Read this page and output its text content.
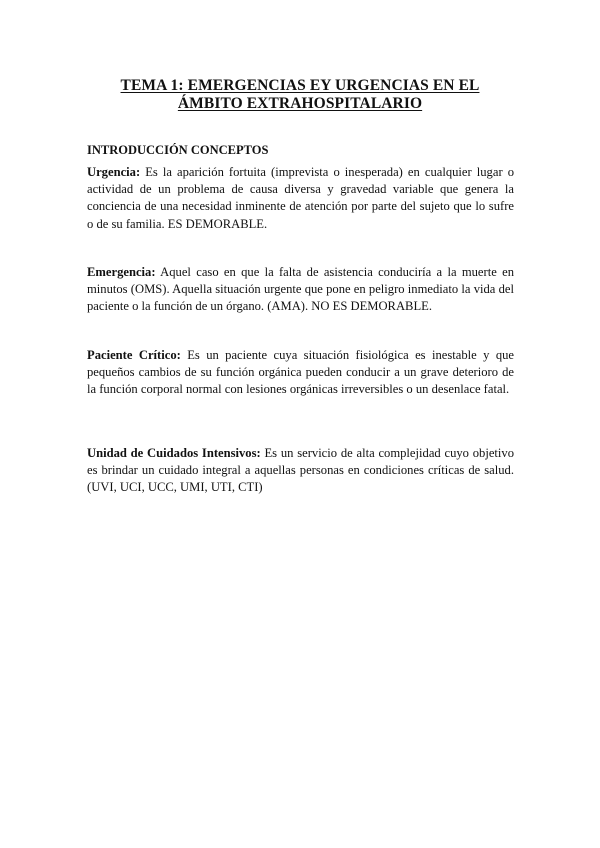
TEMA 1: EMERGENCIAS EY URGENCIAS EN EL
ÁMBITO EXTRAHOSPITALARIO
INTRODUCCIÓN CONCEPTOS

Urgencia: Es la aparición fortuita (imprevista o inesperada) en cualquier lugar o actividad de un problema de causa diversa y gravedad variable que genera la conciencia de una necesidad inminente de atención por parte del sujeto que lo sufre o de su familia. ES DEMORABLE.

Emergencia: Aquel caso en que la falta de asistencia conduciría a la muerte en minutos (OMS). Aquella situación urgente que pone en peligro inmediato la vida del paciente o la función de un órgano. (AMA). NO ES DEMORABLE.

Paciente Crítico: Es un paciente cuya situación fisiológica es inestable y que pequeños cambios de su función orgánica pueden conducir a un grave deterioro de la función corporal normal con lesiones orgánicas irreversibles o un desenlace fatal.

Unidad de Cuidados Intensivos: Es un servicio de alta complejidad cuyo objetivo es brindar un cuidado integral a aquellas personas en condiciones críticas de salud. (UVI, UCI, UCC, UMI, UTI, CTI)
